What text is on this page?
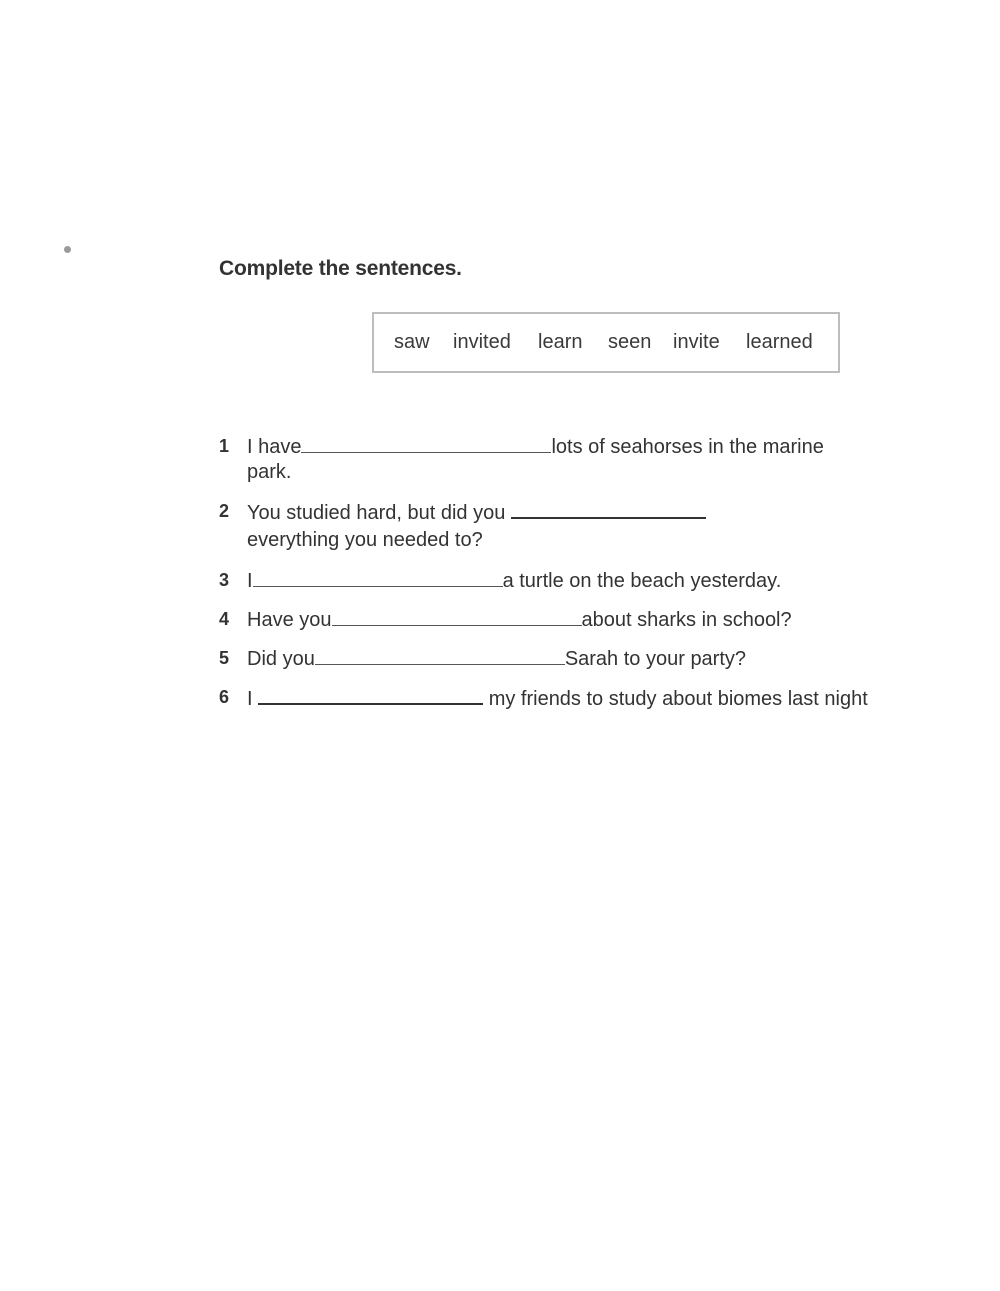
Complete the sentences.
saw invited learn seen invite learned
1 I have	lots of seahorses in the marine
park.
2 You studied hard, but did you
everything you needed to?
3 I	a turtle on the beach yesterday.
4 Have you	about sharks in school?
5 Did you	Sarah to your party?
6 I	my friends to study about biomes last night
